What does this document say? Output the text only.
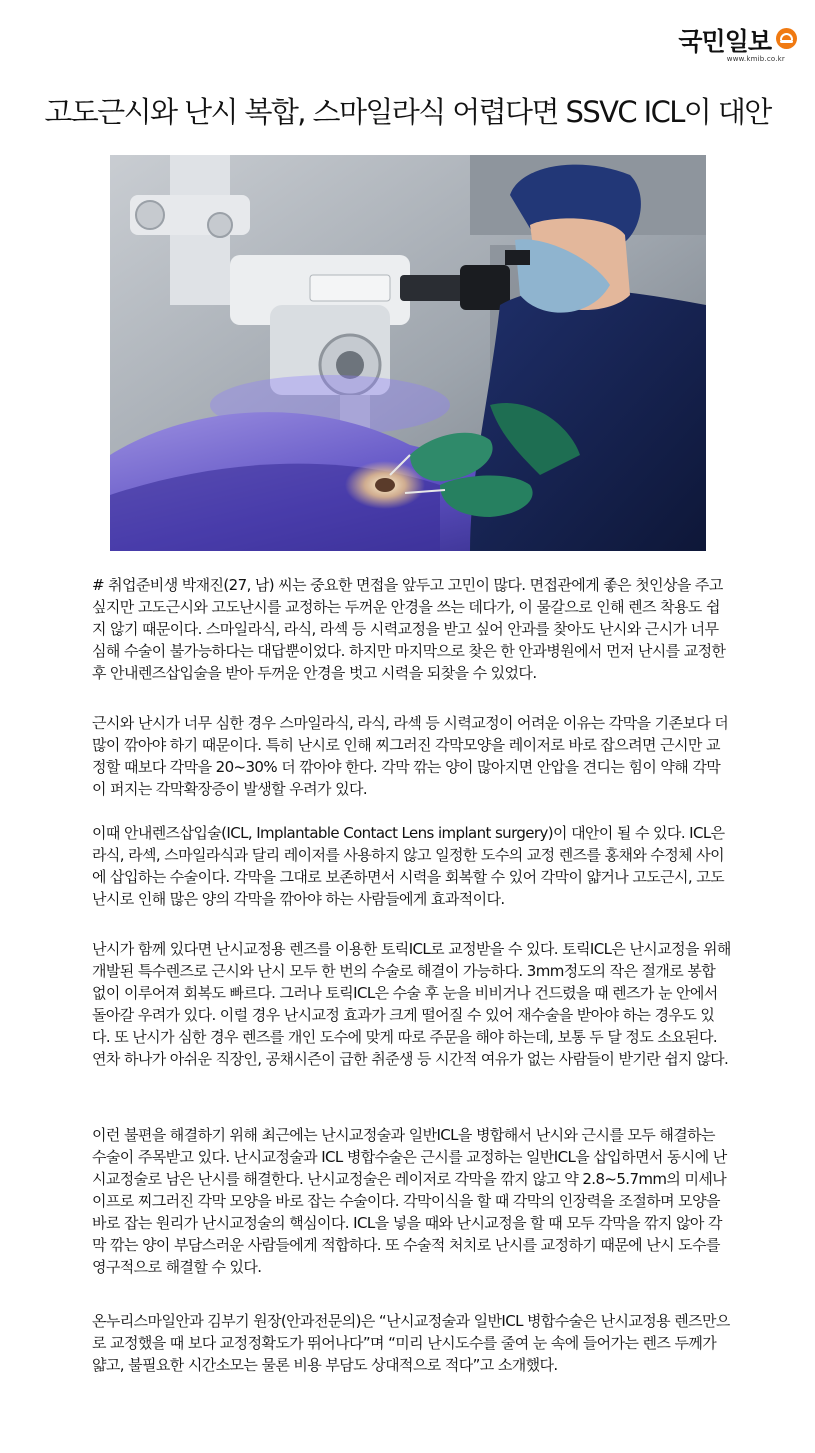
국민일보
www.kmib.co.kr
고도근시와 난시 복합, 스마일라식 어렵다면 SSVC ICL이 대안

# 취업준비생 박재진(27, 남) 씨는 중요한 면접을 앞두고 고민이 많다. 면접관에게 좋은 첫인상을 주고 싶지만 고도근시와 고도난시를 교정하는 두꺼운 안경을 쓰는 데다가, 이 물갈으로 인해 렌즈 착용도 쉽지 않기 때문이다. 스마일라식, 라식, 라섹 등 시력교정을 받고 싶어 안과를 찾아도 난시와 근시가 너무 심해 수술이 불가능하다는 대답뿐이었다. 하지만 마지막으로 찾은 한 안과병원에서 먼저 난시를 교정한 후 안내렌즈삽입술을 받아 두꺼운 안경을 벗고 시력을 되찾을 수 있었다.

근시와 난시가 너무 심한 경우 스마일라식, 라식, 라섹 등 시력교정이 어려운 이유는 각막을 기존보다 더 많이 깎아야 하기 때문이다. 특히 난시로 인해 찌그러진 각막모양을 레이저로 바로 잡으려면 근시만 교정할 때보다 각막을 20~30% 더 깎아야 한다. 각막 깎는 양이 많아지면 안압을 견디는 힘이 약해 각막이 퍼지는 각막확장증이 발생할 우려가 있다.

이때 안내렌즈삽입술(ICL, Implantable Contact Lens implant surgery)이 대안이 될 수 있다. ICL은 라식, 라섹, 스마일라식과 달리 레이저를 사용하지 않고 일정한 도수의 교정 렌즈를 홍채와 수정체 사이에 삽입하는 수술이다. 각막을 그대로 보존하면서 시력을 회복할 수 있어 각막이 얇거나 고도근시, 고도난시로 인해 많은 양의 각막을 깎아야 하는 사람들에게 효과적이다.

난시가 함께 있다면 난시교정용 렌즈를 이용한 토릭ICL로 교정받을 수 있다. 토릭ICL은 난시교정을 위해 개발된 특수렌즈로 근시와 난시 모두 한 번의 수술로 해결이 가능하다. 3mm정도의 작은 절개로 봉합 없이 이루어져 회복도 빠르다. 그러나 토릭ICL은 수술 후 눈을 비비거나 건드렸을 때 렌즈가 눈 안에서 돌아갈 우려가 있다. 이럴 경우 난시교정 효과가 크게 떨어질 수 있어 재수술을 받아야 하는 경우도 있다. 또 난시가 심한 경우 렌즈를 개인 도수에 맞게 따로 주문을 해야 하는데, 보통 두 달 정도 소요된다. 연차 하나가 아쉬운 직장인, 공채시즌이 급한 취준생 등 시간적 여유가 없는 사람들이 받기란 쉽지 않다.

이런 불편을 해결하기 위해 최근에는 난시교정술과 일반ICL을 병합해서 난시와 근시를 모두 해결하는 수술이 주목받고 있다. 난시교정술과 ICL 병합수술은 근시를 교정하는 일반ICL을 삽입하면서 동시에 난시교정술로 남은 난시를 해결한다. 난시교정술은 레이저로 각막을 깎지 않고 약 2.8~5.7mm의 미세나이프로 찌그러진 각막 모양을 바로 잡는 수술이다. 각막이식을 할 때 각막의 인장력을 조절하며 모양을 바로 잡는 원리가 난시교정술의 핵심이다. ICL을 넣을 때와 난시교정을 할 때 모두 각막을 깎지 않아 각막 깎는 양이 부담스러운 사람들에게 적합하다. 또 수술적 처치로 난시를 교정하기 때문에 난시 도수를 영구적으로 해결할 수 있다.

온누리스마일안과 김부기 원장(안과전문의)은 “난시교정술과 일반ICL 병합수술은 난시교정용 렌즈만으로 교정했을 때 보다 교정정확도가 뛰어나다”며 “미리 난시도수를 줄여 눈 속에 들어가는 렌즈 두께가 얇고, 불필요한 시간소모는 물론 비용 부담도 상대적으로 적다”고 소개했다.
